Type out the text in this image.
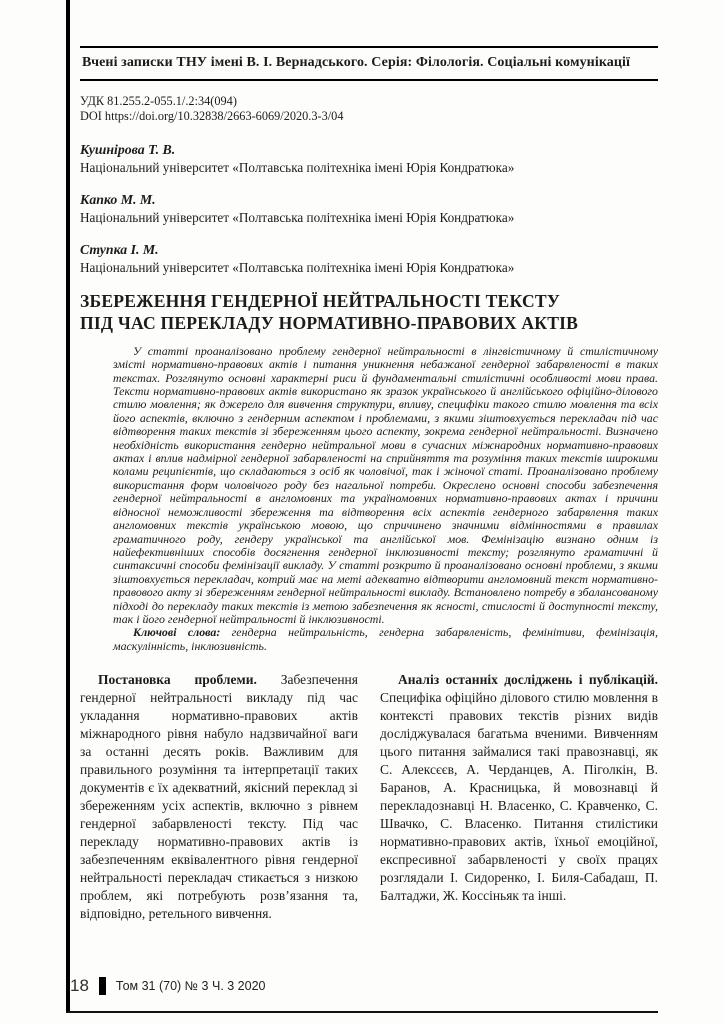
Вчені записки ТНУ імені В. І. Вернадського. Серія: Філологія. Соціальні комунікації
УДК 81.255.2-055.1/.2:34(094)
DOI https://doi.org/10.32838/2663-6069/2020.3-3/04
Кушнірова Т. В.
Національний університет «Полтавська політехніка імені Юрія Кондратюка»
Капко М. М.
Національний університет «Полтавська політехніка імені Юрія Кондратюка»
Ступка І. М.
Національний університет «Полтавська політехніка імені Юрія Кондратюка»
ЗБЕРЕЖЕННЯ ГЕНДЕРНОЇ НЕЙТРАЛЬНОСТІ ТЕКСТУ
ПІД ЧАС ПЕРЕКЛАДУ НОРМАТИВНО-ПРАВОВИХ АКТІВ

У статті проаналізовано проблему гендерної нейтральності в лінгвістичному й стилістичному змісті нормативно-правових актів і питання уникнення небажаної гендерної забарвленості в таких текстах. Розглянуто основні характерні риси й фундаментальні стилістичні особливості мови права. Тексти нормативно-правових актів використано як зразок українського й англійського офіційно-ділового стилю мовлення; як джерело для вивчення структури, впливу, специфіки такого стилю мовлення та всіх його аспектів, включно з гендерним аспектом і проблемами, з якими зіштовхується перекладач під час відтворення таких текстів зі збереженням цього аспекту, зокрема гендерної нейтральності. Визначено необхідність використання гендерно нейтральної мови в сучасних міжнародних нормативно-правових актах і вплив надмірної гендерної забарвленості на сприйняття та розуміння таких текстів широкими колами реципієнтів, що складаються з осіб як чоловічої, так і жіночої статі. Проаналізовано проблему використання форм чоловічого роду без нагальної потреби. Окреслено основні способи забезпечення гендерної нейтральності в англомовних та україномовних нормативно-правових актах і причини відносної неможливості збереження та відтворення всіх аспектів гендерного забарвлення таких англомовних текстів українською мовою, що спричинено значними відмінностями в правилах граматичного роду, гендеру української та англійської мов. Фемінізацію визнано одним із найефективніших способів досягнення гендерної інклюзивності тексту; розглянуто граматичні й синтаксичні способи фемінізації викладу. У статті розкрито й проаналізовано основні проблеми, з якими зіштовхується перекладач, котрий має на меті адекватно відтворити англомовний текст нормативно-правового акту зі збереженням гендерної нейтральності викладу. Встановлено потребу в збалансованому підході до перекладу таких текстів із метою забезпечення як ясності, стислості й доступності тексту, так і його гендерної нейтральності й інклюзивності.

Ключові слова: гендерна нейтральність, гендерна забарвленість, фемінітиви, фемінізація, маскулінність, інклюзивність.

Постановка проблеми. Забезпечення гендерної нейтральності викладу під час укладання нормативно-правових актів міжнародного рівня набуло надзвичайної ваги за останні десять років. Важливим для правильного розуміння та інтерпретації таких документів є їх адекватний, якісний переклад зі збереженням усіх аспектів, включно з рівнем гендерної забарвленості тексту. Під час перекладу нормативно-правових актів із забезпеченням еквівалентного рівня гендерної нейтральності перекладач стикається з низкою проблем, які потребують розв’язання та, відповідно, ретельного вивчення.

Аналіз останніх досліджень і публікацій. Специфіка офіційно ділового стилю мовлення в контексті правових текстів різних видів досліджувалася багатьма вченими. Вивченням цього питання займалися такі правознавці, як С. Алексєєв, А. Черданцев, А. Піголкін, В. Баранов, А. Красницька, й мовознавці й перекладознавці Н. Власенко, С. Кравченко, С. Швачко, С. Власенко. Питання стилістики нормативно-правових актів, їхньої емоційної, експресивної забарвленості у своїх працях розглядали І. Сидоренко, І. Биля-Сабадаш, П. Балтаджи, Ж. Коссіньяк та інші.

18 Том 31 (70) № 3 Ч. 3 2020
